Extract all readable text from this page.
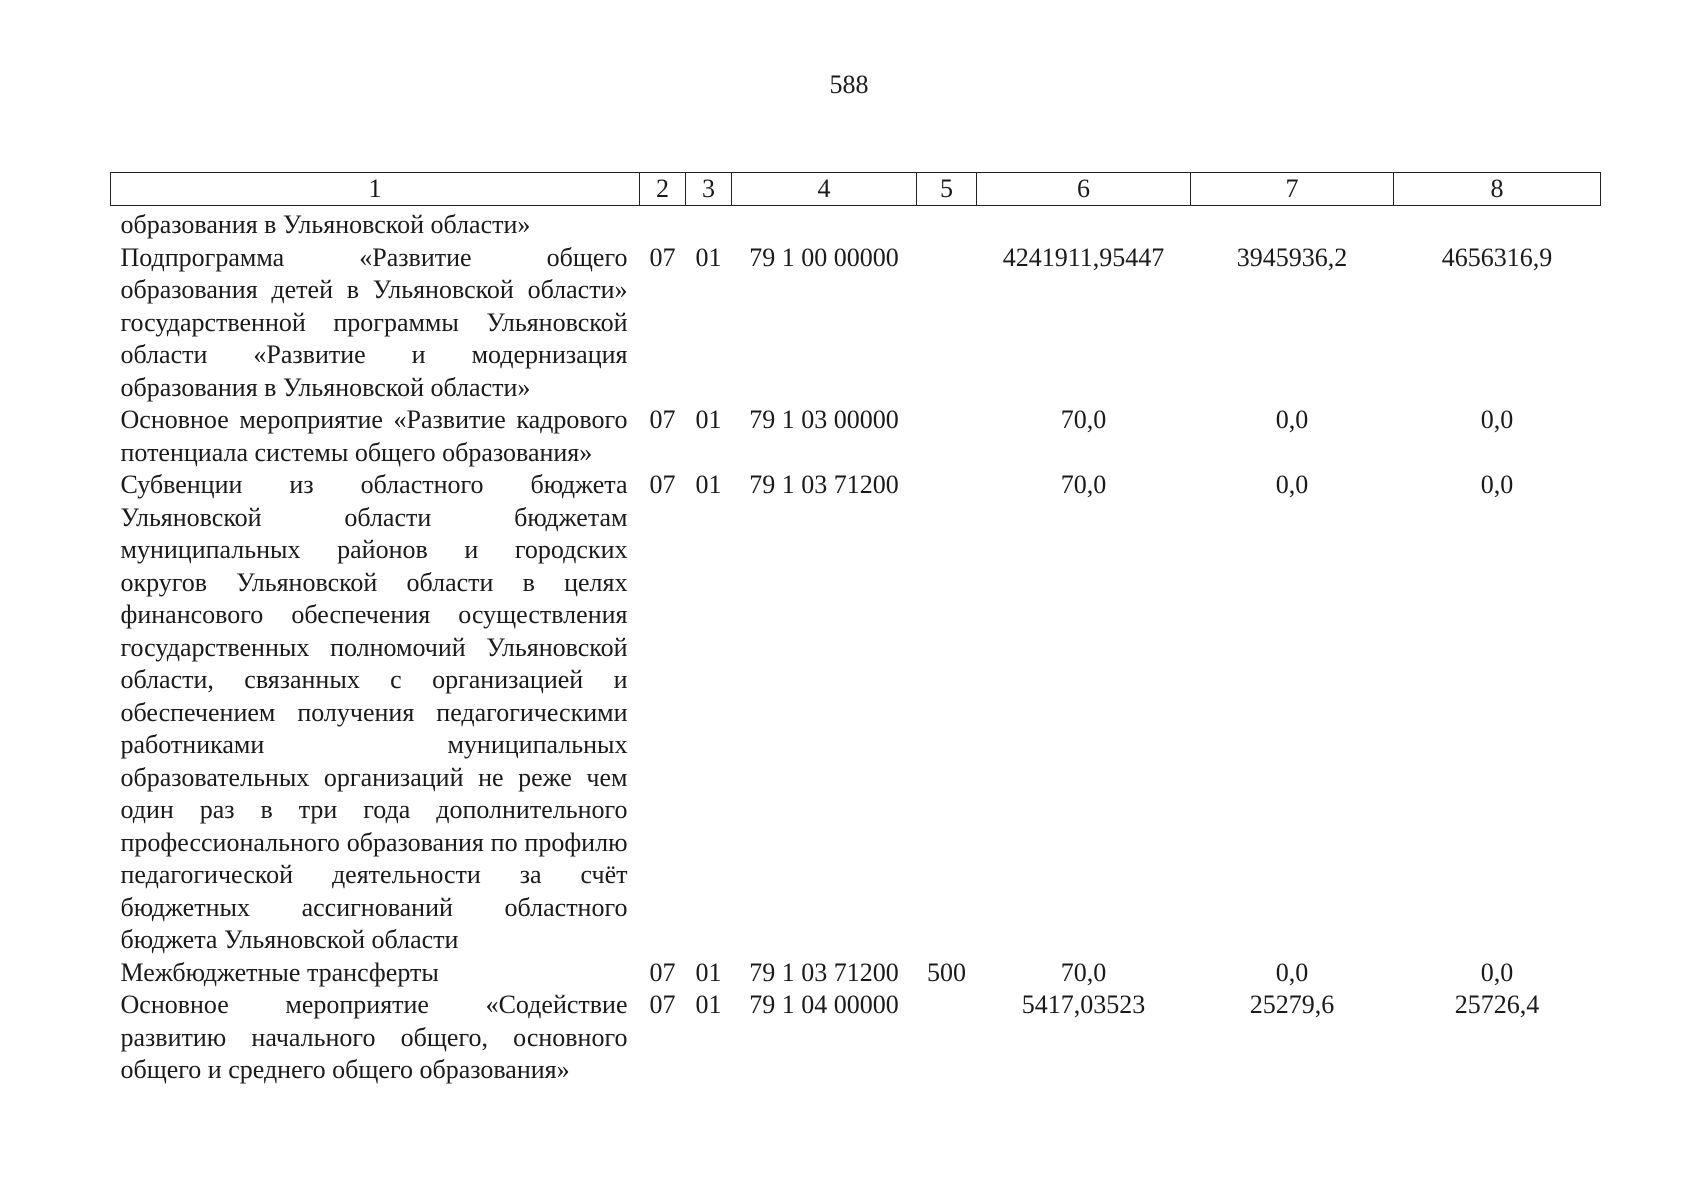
588
1	2	3	4	5	6	7	8
образования в Ульяновской области»							
Подпрограмма «Развитие общего образования детей в Ульяновской области» государственной программы Ульяновской области «Развитие и модернизация образования в Ульяновской области»	07	01	79 1 00 00000		4241911,95447	3945936,2	4656316,9
Основное мероприятие «Развитие кадрового потенциала системы общего образования»	07	01	79 1 03 00000		70,0	0,0	0,0
Субвенции из областного бюджета Ульяновской области бюджетам муниципальных районов и городских округов Ульяновской области в целях финансового обеспечения осуществления государственных полномочий Ульяновской области, связанных с организацией и обеспечением получения педагогическими работниками муниципальных образовательных организаций не реже чем один раз в три года дополнительного профессионального образования по профилю педагогической деятельности за счёт бюджетных ассигнований областного бюджета Ульяновской области	07	01	79 1 03 71200		70,0	0,0	0,0
Межбюджетные трансферты	07	01	79 1 03 71200	500	70,0	0,0	0,0
Основное мероприятие «Содействие развитию начального общего, основного общего и среднего общего образования»	07	01	79 1 04 00000		5417,03523	25279,6	25726,4
